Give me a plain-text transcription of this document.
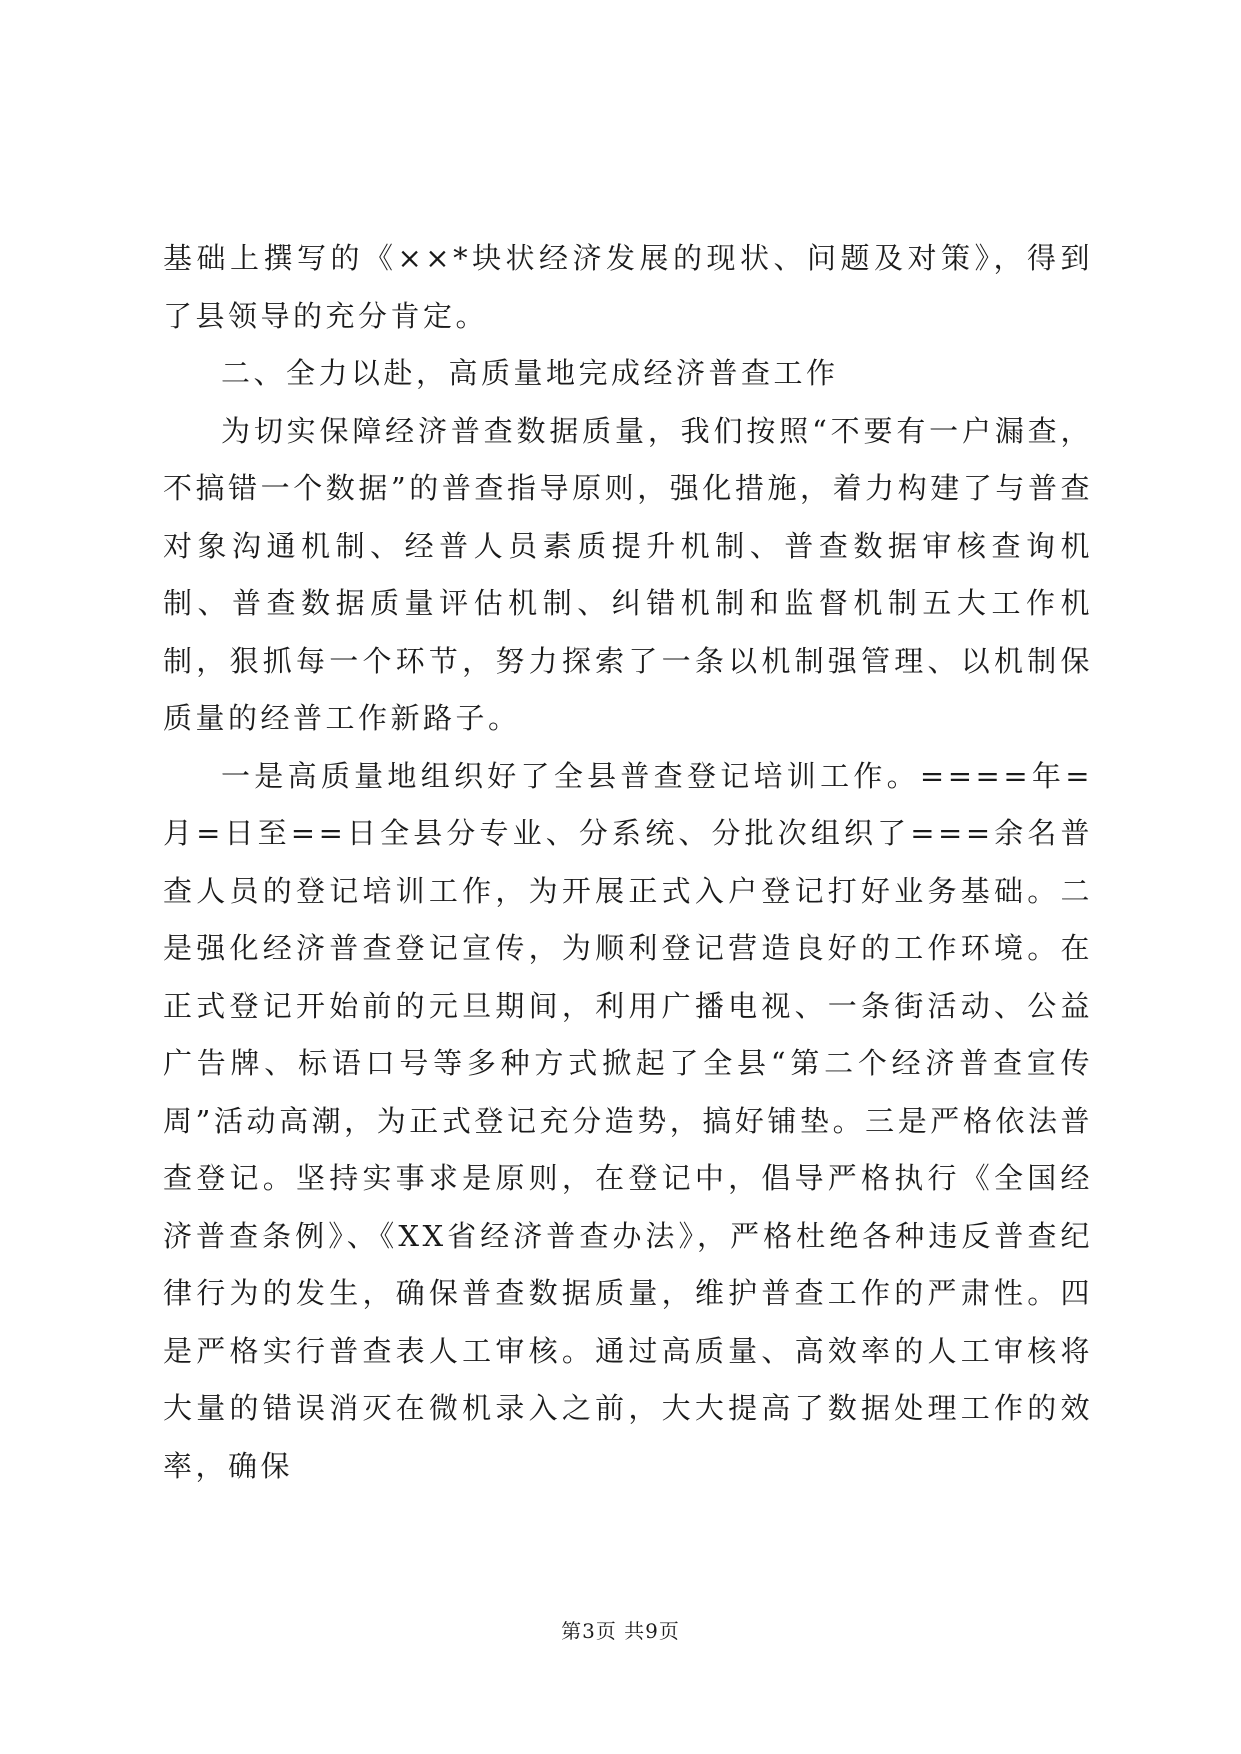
基础上撰写的《××*块状经济发展的现状、问题及对策》，得到了县领导的充分肯定。

二、全力以赴，高质量地完成经济普查工作

为切实保障经济普查数据质量，我们按照“不要有一户漏查，不搞错一个数据”的普查指导原则，强化措施，着力构建了与普查对象沟通机制、经普人员素质提升机制、普查数据审核查询机制、普查数据质量评估机制、纠错机制和监督机制五大工作机制，狠抓每一个环节，努力探索了一条以机制强管理、以机制保质量的经普工作新路子。

一是高质量地组织好了全县普查登记培训工作。====年=月=日至==日全县分专业、分系统、分批次组织了===余名普查人员的登记培训工作，为开展正式入户登记打好业务基础。二是强化经济普查登记宣传，为顺利登记营造良好的工作环境。在正式登记开始前的元旦期间，利用广播电视、一条街活动、公益广告牌、标语口号等多种方式掀起了全县“第二个经济普查宣传周”活动高潮，为正式登记充分造势，搞好铺垫。三是严格依法普查登记。坚持实事求是原则，在登记中，倡导严格执行《全国经济普查条例》、《XX省经济普查办法》，严格杜绝各种违反普查纪律行为的发生，确保普查数据质量，维护普查工作的严肃性。四是严格实行普查表人工审核。通过高质量、高效率的人工审核将大量的错误消灭在微机录入之前，大大提高了数据处理工作的效率，确保

第3页 共9页
